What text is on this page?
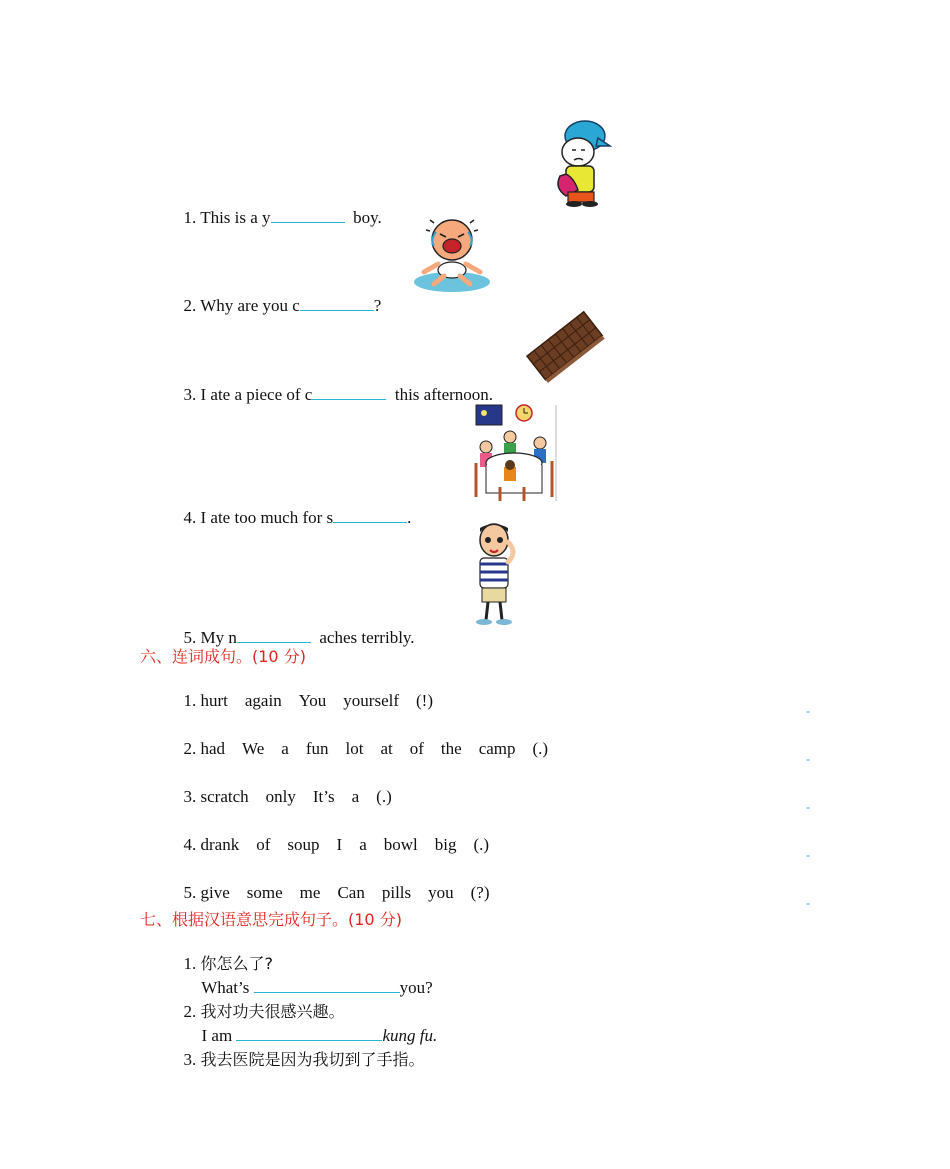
1. This is a y	boy.

2. Why are you c	?

3. I ate a piece of c	this afternoon.

4. I ate too much for s	.

5. My n	aches terribly.

六、连词成句。(10 分)

1. hurt again You yourself (!)

2. had We a fun lot at of the camp (.)

3. scratch only It’s a (.)

4. drank of soup I a bowl big (.)

5. give some me Can pills you (?)

-
-
-
-
-
七、根据汉语意思完成句子。(10 分)

1. 你怎么了?

What’s	you?

2. 我对功夫很感兴趣。

I am	kung fu.

3. 我去医院是因为我切到了手指。
